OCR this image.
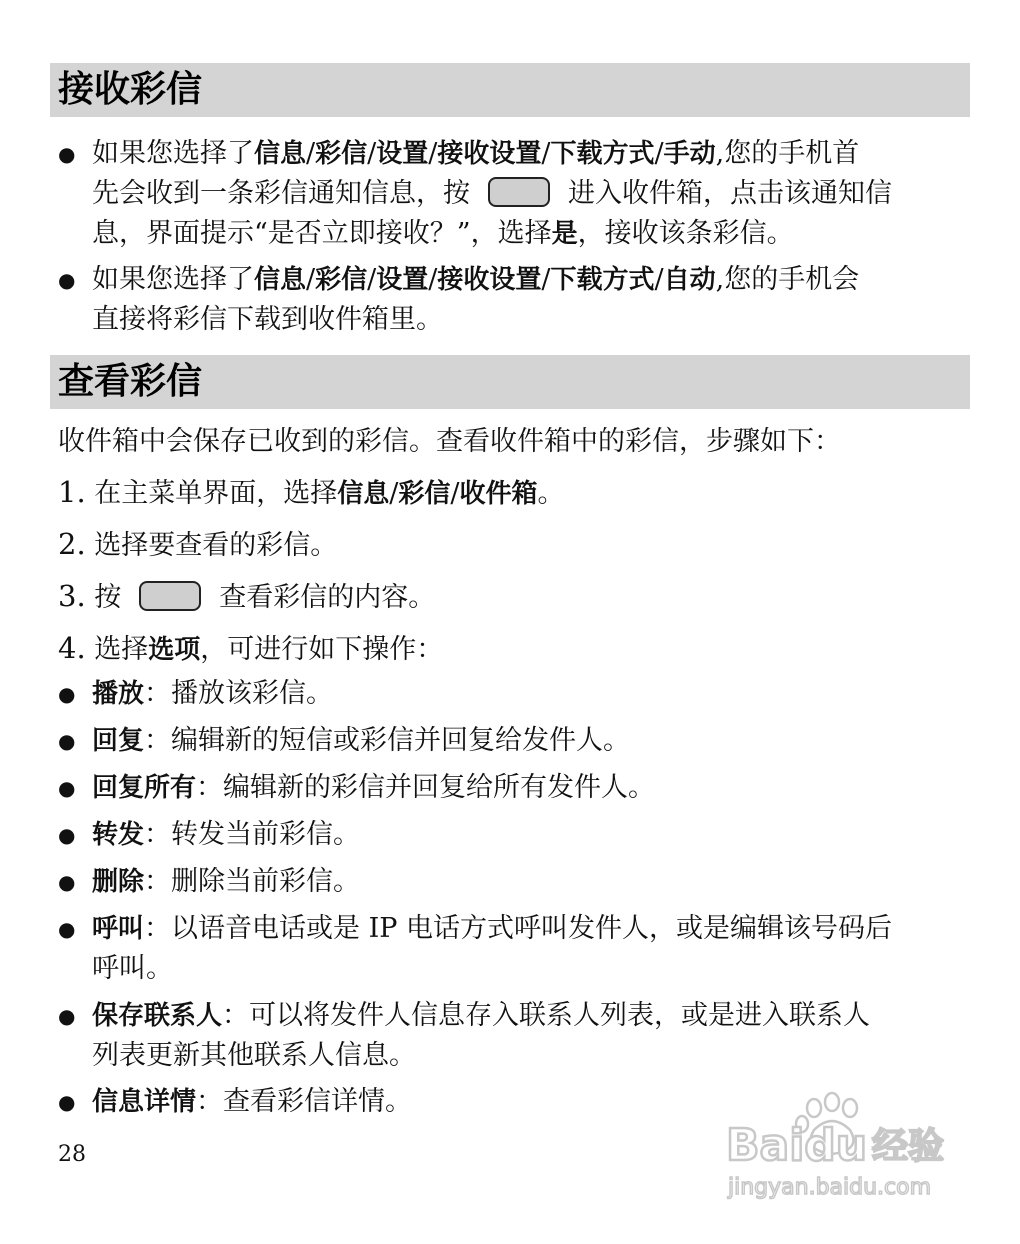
接收彩信
● 如果您选择了信息/彩信/设置/接收设置/下载方式/手动,您的手机首
先会收到一条彩信通知信息，按	进入收件箱，点击该通知信
息，界面提示“是否立即接收？”，选择是，接收该条彩信。
● 如果您选择了信息/彩信/设置/接收设置/下载方式/自动,您的手机会
直接将彩信下载到收件箱里。
查看彩信
收件箱中会保存已收到的彩信。查看收件箱中的彩信，步骤如下：
1. 在主菜单界面，选择信息/彩信/收件箱。
2. 选择要查看的彩信。
3. 按	查看彩信的内容。
4. 选择选项，可进行如下操作：
● 播放：播放该彩信。
● 回复：编辑新的短信或彩信并回复给发件人。
● 回复所有：编辑新的彩信并回复给所有发件人。
● 转发：转发当前彩信。
● 删除：删除当前彩信。
● 呼叫：以语音电话或是 IP 电话方式呼叫发件人，或是编辑该号码后
呼叫。
● 保存联系人：可以将发件人信息存入联系人列表，或是进入联系人
列表更新其他联系人信息。
● 信息详情：查看彩信详情。
28	Baidu 经验
jingyan.baidu.com
